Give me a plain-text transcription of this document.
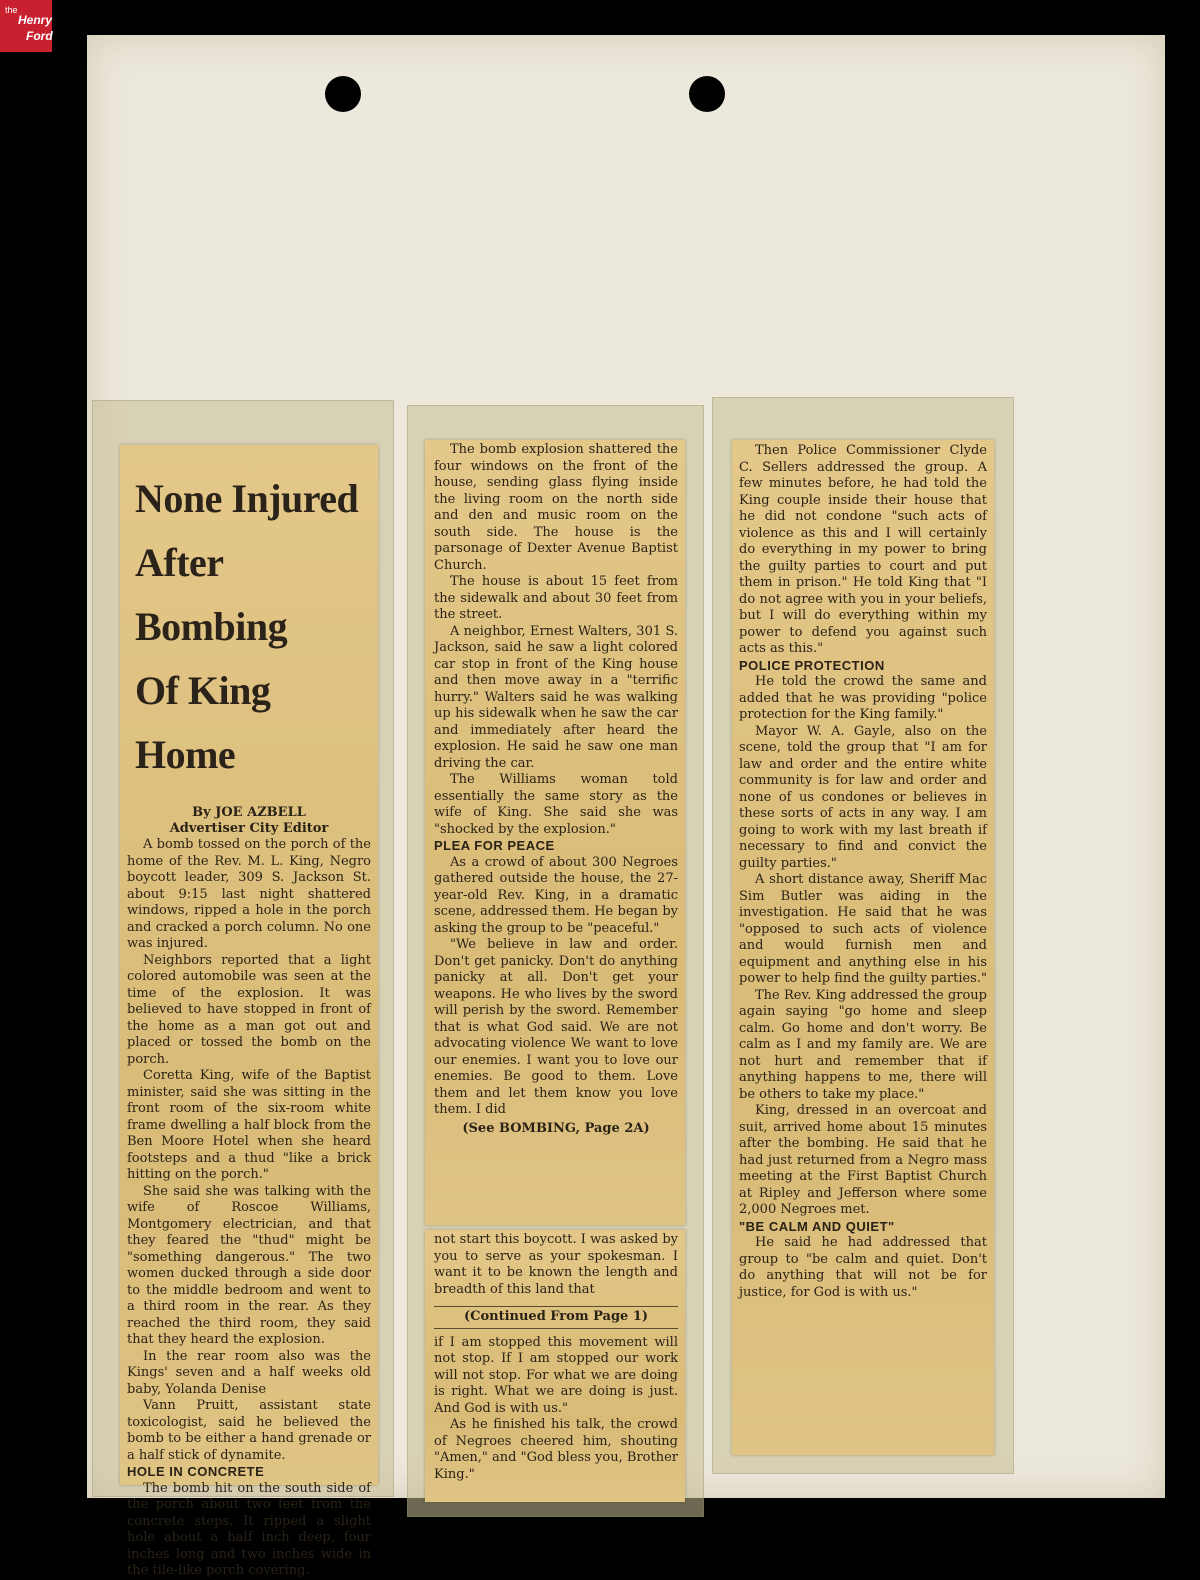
the
Henry
Ford
None Injured
After Bombing
Of King Home
By JOE AZBELL
Advertiser City Editor

A bomb tossed on the porch of the home of the Rev. M. L. King, Negro boycott leader, 309 S. Jackson St. about 9:15 last night shattered windows, ripped a hole in the porch and cracked a porch column. No one was injured.

Neighbors reported that a light colored automobile was seen at the time of the explosion. It was believed to have stopped in front of the home as a man got out and placed or tossed the bomb on the porch.

Coretta King, wife of the Baptist minister, said she was sitting in the front room of the six-room white frame dwelling a half block from the Ben Moore Hotel when she heard footsteps and a thud "like a brick hitting on the porch."

She said she was talking with the wife of Roscoe Williams, Montgomery electrician, and that they feared the "thud" might be "something dangerous." The two women ducked through a side door to the middle bedroom and went to a third room in the rear. As they reached the third room, they said that they heard the explosion.

In the rear room also was the Kings' seven and a half weeks old baby, Yolanda Denise

Vann Pruitt, assistant state toxicologist, said he believed the bomb to be either a hand grenade or a half stick of dynamite.

HOLE IN CONCRETE

The bomb hit on the south side of the porch about two feet from the concrete steps. It ripped a slight hole about a half inch deep, four inches long and two inches wide in the tile-like porch covering.

The bomb explosion shattered the four windows on the front of the house, sending glass flying inside the living room on the north side and den and music room on the south side. The house is the parsonage of Dexter Avenue Baptist Church.

The house is about 15 feet from the sidewalk and about 30 feet from the street.

A neighbor, Ernest Walters, 301 S. Jackson, said he saw a light colored car stop in front of the King house and then move away in a "terrific hurry." Walters said he was walking up his sidewalk when he saw the car and immediately after heard the explosion. He said he saw one man driving the car.

The Williams woman told essentially the same story as the wife of King. She said she was "shocked by the explosion."

PLEA FOR PEACE

As a crowd of about 300 Negroes gathered outside the house, the 27-year-old Rev. King, in a dramatic scene, addressed them. He began by asking the group to be "peaceful."

"We believe in law and order. Don't get panicky. Don't do anything panicky at all. Don't get your weapons. He who lives by the sword will perish by the sword. Remember that is what God said. We are not advocating violence We want to love our enemies. I want you to love our enemies. Be good to them. Love them and let them know you love them. I did

(See BOMBING, Page 2A)

not start this boycott. I was asked by you to serve as your spokesman. I want it to be known the length and breadth of this land that

(Continued From Page 1)

if I am stopped this movement will not stop. If I am stopped our work will not stop. For what we are doing is right. What we are doing is just. And God is with us."

As he finished his talk, the crowd of Negroes cheered him, shouting "Amen," and "God bless you, Brother King."

Then Police Commissioner Clyde C. Sellers addressed the group. A few minutes before, he had told the King couple inside their house that he did not condone "such acts of violence as this and I will certainly do everything in my power to bring the guilty parties to court and put them in prison." He told King that "I do not agree with you in your beliefs, but I will do everything within my power to defend you against such acts as this."

POLICE PROTECTION

He told the crowd the same and added that he was providing "police protection for the King family."

Mayor W. A. Gayle, also on the scene, told the group that "I am for law and order and the entire white community is for law and order and none of us condones or believes in these sorts of acts in any way. I am going to work with my last breath if necessary to find and convict the guilty parties."

A short distance away, Sheriff Mac Sim Butler was aiding in the investigation. He said that he was "opposed to such acts of violence and would furnish men and equipment and anything else in his power to help find the guilty parties."

The Rev. King addressed the group again saying "go home and sleep calm. Go home and don't worry. Be calm as I and my family are. We are not hurt and remember that if anything happens to me, there will be others to take my place."

King, dressed in an overcoat and suit, arrived home about 15 minutes after the bombing. He said that he had just returned from a Negro mass meeting at the First Baptist Church at Ripley and Jefferson where some 2,000 Negroes met.

"BE CALM AND QUIET"

He said he had addressed that group to "be calm and quiet. Don't do anything that will not be for justice, for God is with us."
